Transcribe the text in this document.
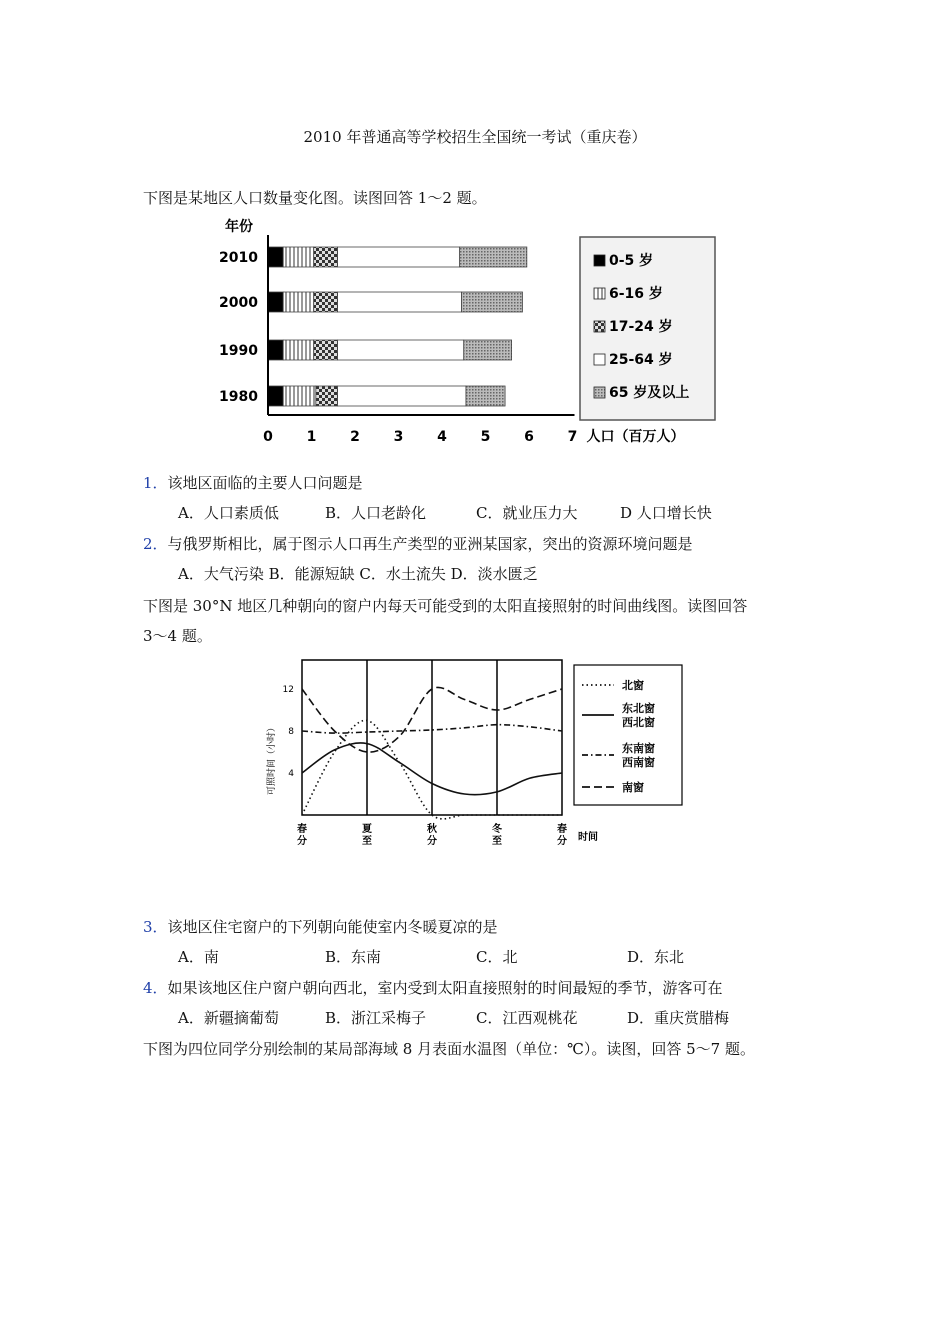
2010 年普通高等学校招生全国统一考试（重庆卷）
下图是某地区人口数量变化图。读图回答 1～2 题。
2010
2000
1990
1980
年份
0 1 2 3 4 5 6 7 人口（百万人）
0-5 岁
6-16 岁
17-24 岁
25-64 岁
65 岁及以上
1．该地区面临的主要人口问题是
A．人口素质低	B．人口老龄化	C．就业压力大	D 人口增长快
2．与俄罗斯相比，属于图示人口再生产类型的亚洲某国家，突出的资源环境问题是
A．大气污染 B．能源短缺 C．水土流失 D．淡水匮乏
下图是 30°N 地区几种朝向的窗户内每天可能受到的太阳直接照射的时间曲线图。读图回答
3～4 题。
4
8
12
可照时间（小时）
春
分
夏
至
秋
分
冬
至
春
分 时间
北窗
东北窗
西北窗
东南窗
西南窗
南窗
3．该地区住宅窗户的下列朝向能使室内冬暖夏凉的是
A．南	B．东南	C．北	D．东北
4．如果该地区住户窗户朝向西北，室内受到太阳直接照射的时间最短的季节，游客可在
A．新疆摘葡萄	B．浙江采梅子	C．江西观桃花	D．重庆赏腊梅
下图为四位同学分别绘制的某局部海域 8 月表面水温图（单位：℃）。读图，回答 5～7 题。
